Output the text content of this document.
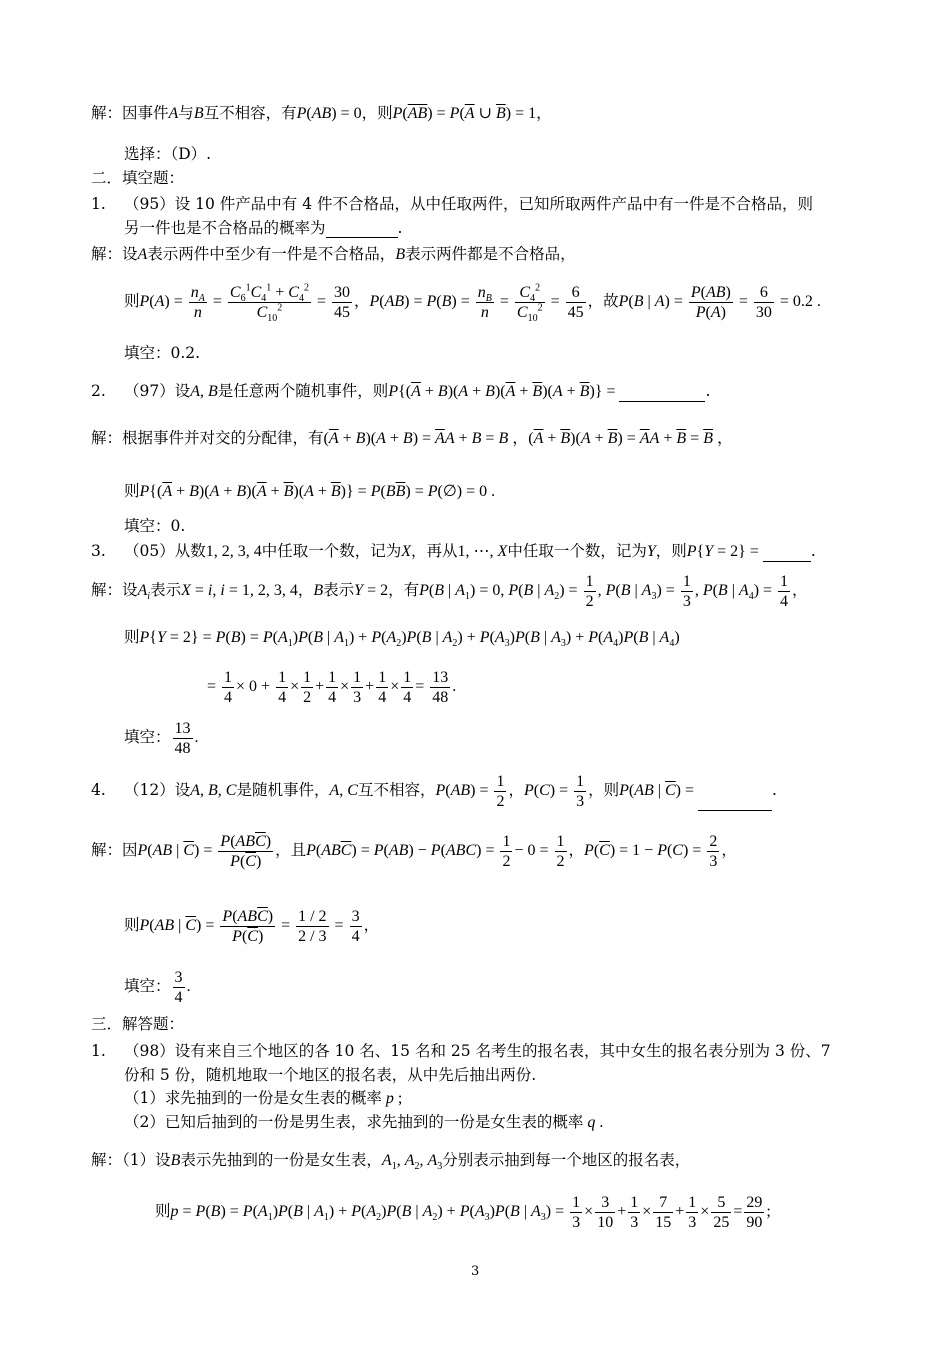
解：因事件A与B互不相容，有P(AB) = 0，则$P(\overline{AB}) = P(\overline{A}$ ∪ $\overline{B}) = 1$，
选择：（D）.
二．填空题：
1. （95）设 10 件产品中有 4 件不合格品，从中任取两件，已知所取两件产品中有一件是不合格品，则
另一件也是不合格品的概率为	.
解：设A表示两件中至少有一件是不合格品，B表示两件都是不合格品，
则$P(A) = \frac{n_A}{n} = \frac{C_6^1C_4^1 + C_4^2}{C_{10}^2} = \frac{30}{45}$ ，$P(AB) = P(B) = \frac{n_B}{n} = \frac{C_4^2}{C_{10}^2} = \frac{6}{45}$ ，故P(B | $A) = \frac{P(AB)}{P(A)} = \frac{6}{30} = 0.2$ .
填空：0.2.
2. （97）设A, B是任意两个随机事件，则$P\{(\overline{A} + B)(A + B)(\overline{A} + \overline{B})(A + \overline{B})\}$ =	.
解：根据事件并对交的分配律，有$(\overline{A} + B)(A + B) = \overline{A}A + B = B$ ，$(\overline{A} + \overline{B})(A + \overline{B}) = \overline{A}A + \overline{B} = \overline{B}$ ，
则$P\{(\overline{A} + B)(A + B)(\overline{A} + \overline{B})(A + \overline{B})\} = P(B\overline{B})$ = P(∅) = 0 .
填空：0.
3. （05）从数1, 2, 3, 4中任取一个数，记为X，再从1, ⋯, X中任取一个数，记为Y，则P{Y = 2} =	.
解：设$A_i$表示X = i, i = 1, 2, 3, 4，B表示Y = 2，有P(B | $A_1) = 0$, P(B | $A_2) = \frac{1}{2}$ , P(B | $A_3) = \frac{1}{3}$ , P(B | $A_4) = \frac{1}{4}$ ，
则$P\{Y = 2\} = P(B) = P(A_1)P(B$ | $A_1) + P(A_2)P(B$ | $A_2) + P(A_3)P(B$ | $A_3) + P(A_4)P(B$ | $A_4$)
= $\frac{1}{4} \times 0 + \frac{1}{4} \times \frac{1}{2} + \frac{1}{4} \times \frac{1}{3} + \frac{1}{4} \times \frac{1}{4} = \frac{13}{48}$ .
填空： $\frac{13}{48}$ .
4. （12）设A, B, C是随机事件，A, C互不相容，$P(AB) = \frac{1}{2}$ ，$P(C) = \frac{1}{3}$ ，则P(AB | $\overline{C}$) =	.
解：因P(AB | $\overline{C}) = \frac{P(AB\overline{C})}{P(\overline{C})}$ ，且$P(AB\overline{C}) = P(AB) - P(ABC) = \frac{1}{2} - 0 = \frac{1}{2}$ ，$P(\overline{C}) = 1 - P(C) = \frac{2}{3}$ ，
则P(AB | $\overline{C}) = \frac{P(AB\overline{C})}{P(\overline{C})} = \frac{1 / 2}{2 / 3} = \frac{3}{4}$ ，
填空： $\frac{3}{4}$ .
三．解答题：
1. （98）设有来自三个地区的各 10 名、15 名和 25 名考生的报名表，其中女生的报名表分别为 3 份、7
份和 5 份，随机地取一个地区的报名表，从中先后抽出两份.
（1）求先抽到的一份是女生表的概率 p ;
（2）已知后抽到的一份是男生表，求先抽到的一份是女生表的概率 q .
解：（1）设B表示先抽到的一份是女生表，$A_1$, $A_2$, $A_3$分别表示抽到每一个地区的报名表，
则$p = P(B) = P(A_1)P(B$ | $A_1) + P(A_2)P(B$ | $A_2) + P(A_3)P(B$ | $A_3) = \frac{1}{3} \times \frac{3}{10} + \frac{1}{3} \times \frac{7}{15} + \frac{1}{3} \times \frac{5}{25} = \frac{29}{90}$ ;
3
